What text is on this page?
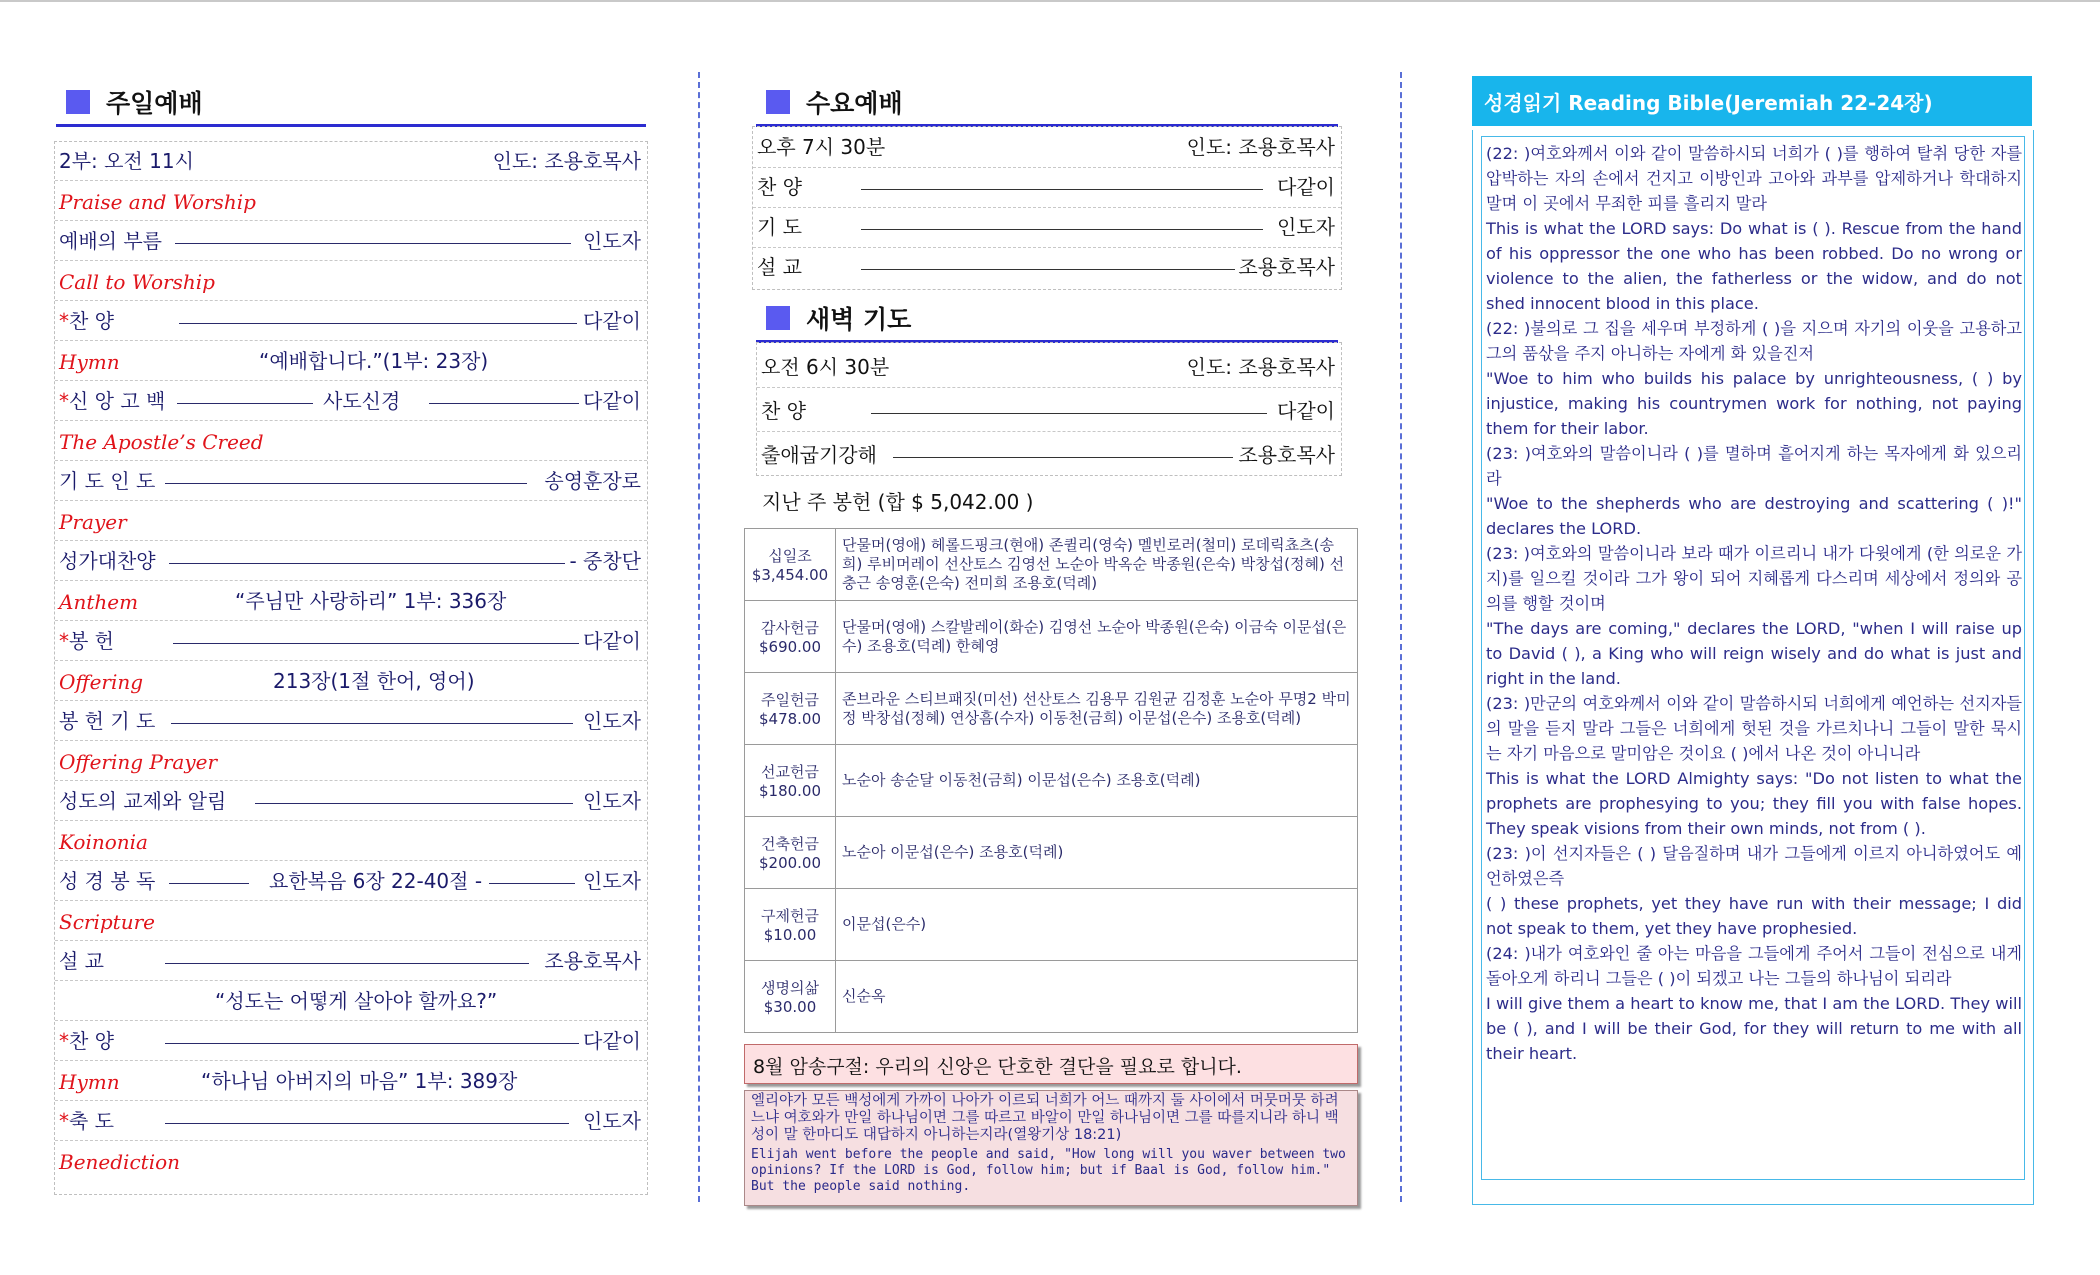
주일예배
2부: 오전 11시	인도: 조용호목사
Praise and Worship
예배의 부름	인도자
Call to Worship
*찬 양	다같이
Hymn	“예배합니다.”(1부: 23장)
*신 앙 고 백	사도신경	다같이
The Apostle’s Creed
기 도 인 도	송영훈장로
Prayer
성가대찬양	- 중창단
Anthem	“주님만 사랑하리” 1부: 336장
*봉 헌	다같이
Offering	213장(1절 한어, 영어)
봉 헌 기 도	인도자
Offering Prayer
성도의 교제와 알림	인도자
Koinonia
성 경 봉 독	요한복음 6장 22-40절 -	인도자
Scripture
설 교	조용호목사
“성도는 어떻게 살아야 할까요?”
*찬 양	다같이
Hymn	“하나님 아버지의 마음” 1부: 389장
*축 도	인도자
Benediction
수요예배
오후 7시 30분	인도: 조용호목사
찬 양	다같이
기 도	인도자
설 교	조용호목사
새벽 기도
오전 6시 30분	인도: 조용호목사
찬 양	다같이
출애굽기강해	조용호목사
지난 주 봉헌 (합 $ 5,042.00 )
십일조
$3,454.00	단물머(영애) 헤롤드핑크(현애) 존퀼리(영숙) 멜빈로러(철미) 로데릭쵸츠(송희) 루비머레이 선산토스 김영선 노순아 박옥순 박종원(은숙) 박창섭(정혜) 선충근 송영훈(은숙) 전미희 조용호(덕례)

감사헌금
$690.00	단물머(영애) 스칼발레이(화순) 김영선 노순아 박종원(은숙) 이금숙 이문섭(은수) 조용호(덕례) 한혜영

주일헌금
$478.00	존브라운 스티브패짓(미선) 선산토스 김용무 김원균 김정훈 노순아 무명2 박미정 박창섭(정혜) 연상흠(수자) 이동천(금희) 이문섭(은수) 조용호(덕례)

선교헌금
$180.00	노순아 송순달 이동천(금희) 이문섭(은수) 조용호(덕례)

건축헌금
$200.00	노순아 이문섭(은수) 조용호(덕례)

구제헌금
$10.00	이문섭(은수)

생명의삶
$30.00	신순옥
8월 암송구절: 우리의 신앙은 단호한 결단을 필요로 합니다.
엘리야가 모든 백성에게 가까이 나아가 이르되 너희가 어느 때까지 둘 사이에서 머뭇머뭇 하려느냐 여호와가 만일 하나님이면 그를 따르고 바알이 만일 하나님이면 그를 따를지니라 하니 백성이 말 한마디도 대답하지 아니하는지라(열왕기상 18:21)
Elijah went before the people and said, "How long will you waver between two opinions? If the LORD is God, follow him; but if Baal is God, follow him." But the people said nothing.
성경읽기 Reading Bible(Jeremiah 22-24장)

(22: )여호와께서 이와 같이 말씀하시되 너희가 ( )를 행하여 탈취 당한 자를 압박하는 자의 손에서 건지고 이방인과 고아와 과부를 압제하거나 학대하지 말며 이 곳에서 무죄한 피를 흘리지 말라

This is what the LORD says: Do what is ( ). Rescue from the hand of his oppressor the one who has been robbed. Do no wrong or violence to the alien, the fatherless or the widow, and do not shed innocent blood in this place.

(22: )불의로 그 집을 세우며 부정하게 ( )을 지으며 자기의 이웃을 고용하고 그의 품삯을 주지 아니하는 자에게 화 있을진저

"Woe to him who builds his palace by unrighteousness, ( ) by injustice, making his countrymen work for nothing, not paying them for their labor.

(23: )여호와의 말씀이니라 ( )를 멸하며 흩어지게 하는 목자에게 화 있으리라

"Woe to the shepherds who are destroying and scattering ( )!" declares the LORD.

(23: )여호와의 말씀이니라 보라 때가 이르리니 내가 다윗에게 (한 의로운 가지)를 일으킬 것이라 그가 왕이 되어 지혜롭게 다스리며 세상에서 정의와 공의를 행할 것이며

"The days are coming," declares the LORD, "when I will raise up to David ( ), a King who will reign wisely and do what is just and right in the land.

(23: )만군의 여호와께서 이와 같이 말씀하시되 너희에게 예언하는 선지자들의 말을 듣지 말라 그들은 너희에게 헛된 것을 가르치나니 그들이 말한 묵시는 자기 마음으로 말미암은 것이요 ( )에서 나온 것이 아니니라

This is what the LORD Almighty says: "Do not listen to what the prophets are prophesying to you; they fill you with false hopes. They speak visions from their own minds, not from ( ).

(23: )이 선지자들은 ( ) 달음질하며 내가 그들에게 이르지 아니하였어도 예언하였은즉

( ) these prophets, yet they have run with their message; I did not speak to them, yet they have prophesied.

(24: )내가 여호와인 줄 아는 마음을 그들에게 주어서 그들이 전심으로 내게 돌아오게 하리니 그들은 ( )이 되겠고 나는 그들의 하나님이 되리라

I will give them a heart to know me, that I am the LORD. They will be ( ), and I will be their God, for they will return to me with all their heart.
